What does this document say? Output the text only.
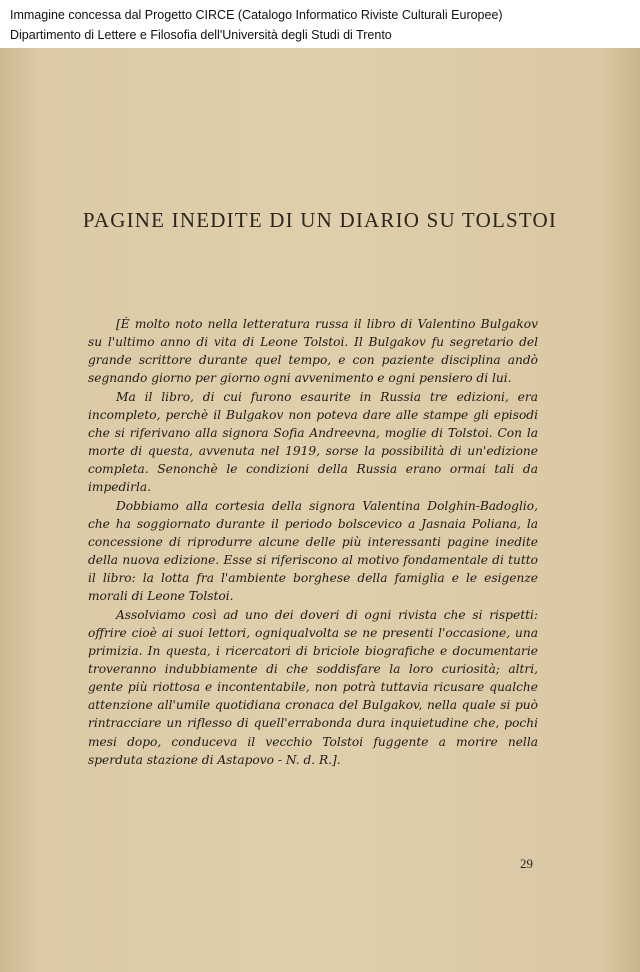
Immagine concessa dal Progetto CIRCE (Catalogo Informatico Riviste Culturali Europee)
Dipartimento di Lettere e Filosofia dell'Università degli Studi di Trento
PAGINE INEDITE DI UN DIARIO SU TOLSTOI

[È molto noto nella letteratura russa il libro di Valentino Bulgakov su l'ultimo anno di vita di Leone Tolstoi. Il Bulgakov fu segretario del grande scrittore durante quel tempo, e con paziente disciplina andò segnando giorno per giorno ogni avvenimento e ogni pensiero di lui.

Ma il libro, di cui furono esaurite in Russia tre edizioni, era incompleto, perchè il Bulgakov non poteva dare alle stampe gli episodi che si riferivano alla signora Sofia Andreevna, moglie di Tolstoi. Con la morte di questa, avvenuta nel 1919, sorse la possibilità di un'edizione completa. Senonchè le condizioni della Russia erano ormai tali da impedirla.

Dobbiamo alla cortesia della signora Valentina Dolghin-Badoglio, che ha soggiornato durante il periodo bolscevico a Jasnaia Poliana, la concessione di riprodurre alcune delle più interessanti pagine inedite della nuova edizione. Esse si riferiscono al motivo fondamentale di tutto il libro: la lotta fra l'ambiente borghese della famiglia e le esigenze morali di Leone Tolstoi.

Assolviamo così ad uno dei doveri di ogni rivista che si rispetti: offrire cioè ai suoi lettori, ogniqualvolta se ne presenti l'occasione, una primizia. In questa, i ricercatori di briciole biografiche e documentarie troveranno indubbiamente di che soddisfare la loro curiosità; altri, gente più riottosa e incontentabile, non potrà tuttavia ricusare qualche attenzione all'umile quotidiana cronaca del Bulgakov, nella quale si può rintracciare un riflesso di quell'errabonda dura inquietudine che, pochi mesi dopo, conduceva il vecchio Tolstoi fuggente a morire nella sperduta stazione di Astapovo - N. d. R.].

29
